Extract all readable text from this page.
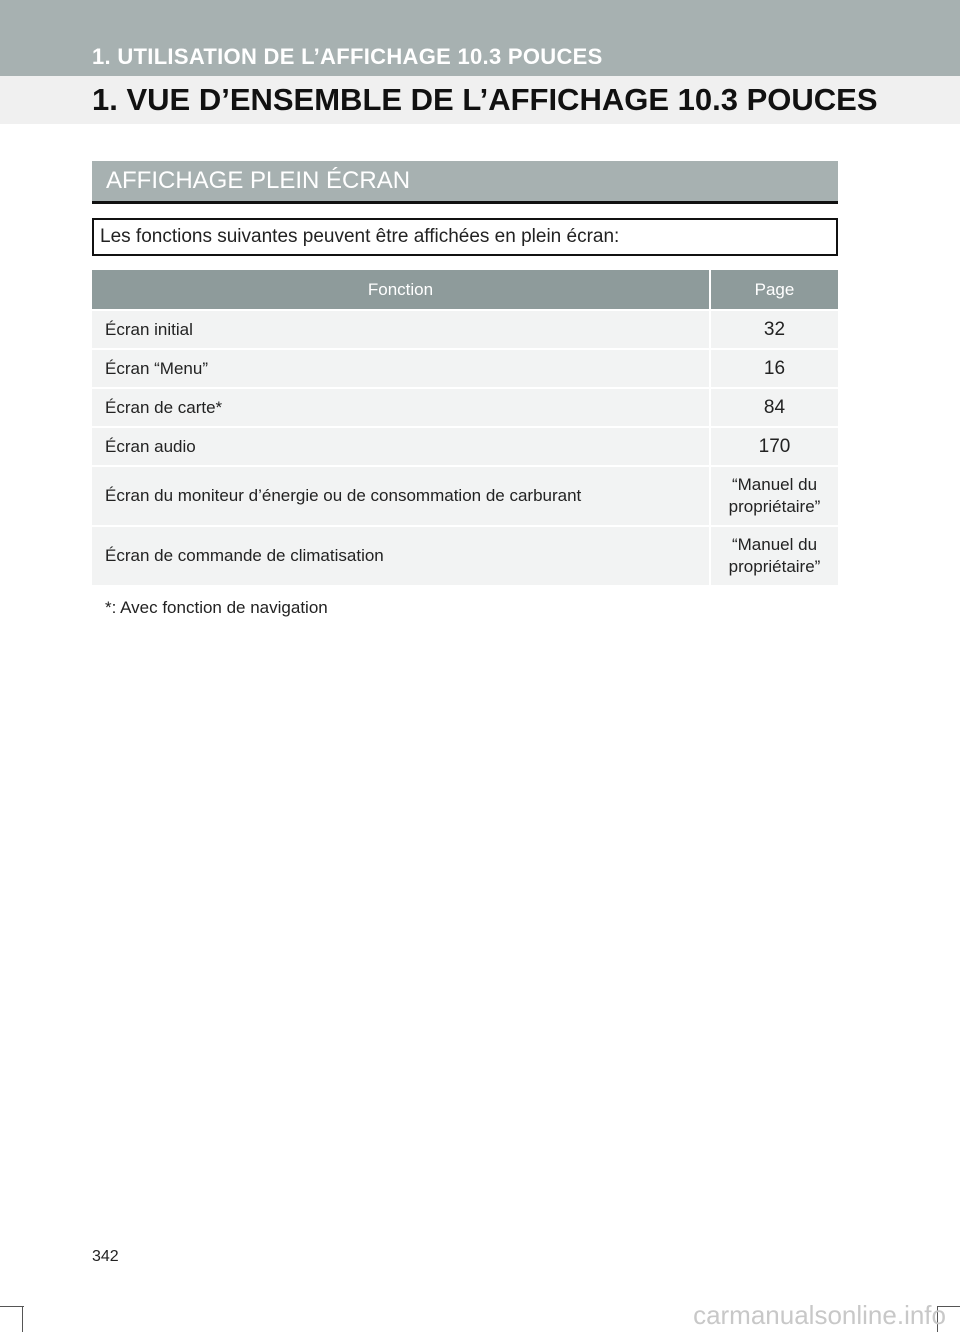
1. UTILISATION DE L’AFFICHAGE 10.3 POUCES
1. VUE D’ENSEMBLE DE L’AFFICHAGE 10.3 POUCES
AFFICHAGE PLEIN ÉCRAN
Les fonctions suivantes peuvent être affichées en plein écran:
Fonction	Page
Écran initial	32
Écran “Menu”	16
Écran de carte*	84
Écran audio	170
Écran du moniteur d’énergie ou de consommation de carburant	“Manuel du
propriétaire”
Écran de commande de climatisation	“Manuel du
propriétaire”
*: Avec fonction de navigation
342
carmanualsonline.info
